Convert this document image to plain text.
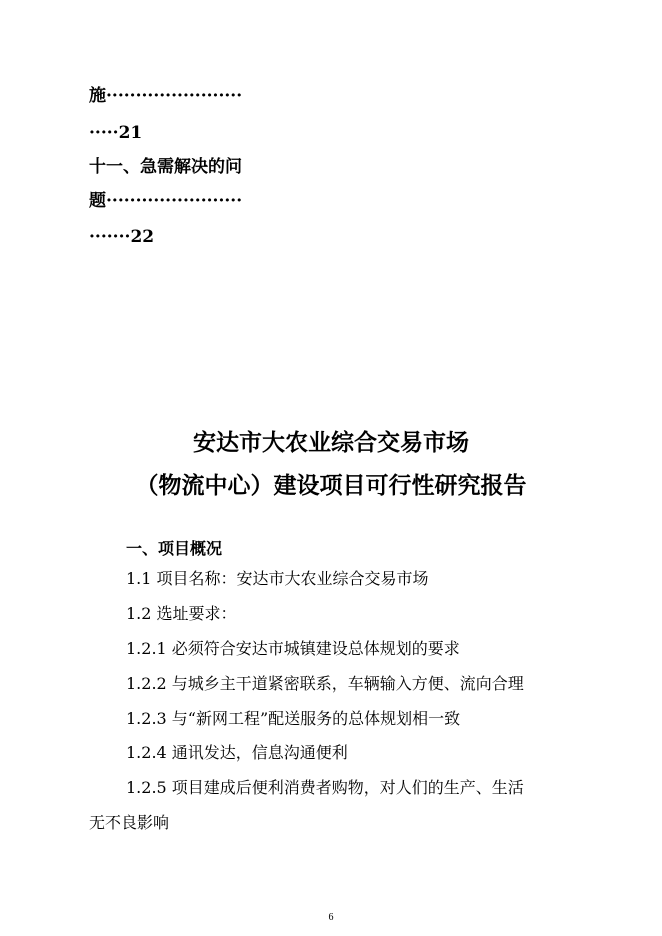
施·······················
·····21
十一、急需解决的问
题·······················
·······22
安达市大农业综合交易市场
（物流中心）建设项目可行性研究报告
一、项目概况
1.1 项目名称：安达市大农业综合交易市场
1.2 选址要求：
1.2.1 必须符合安达市城镇建设总体规划的要求
1.2.2 与城乡主干道紧密联系，车辆输入方便、流向合理
1.2.3 与“新网工程”配送服务的总体规划相一致
1.2.4 通讯发达，信息沟通便利
1.2.5 项目建成后便利消费者购物，对人们的生产、生活
无不良影响
6
